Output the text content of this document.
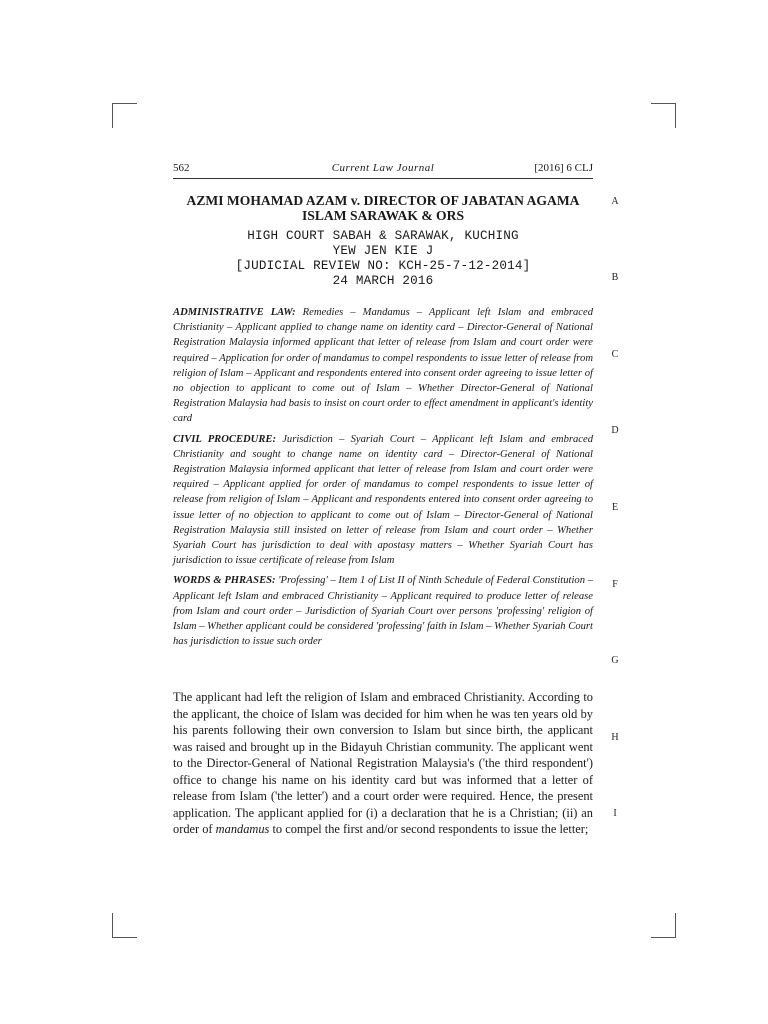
562	Current Law Journal	[2016] 6 CLJ
AZMI MOHAMAD AZAM v. DIRECTOR OF JABATAN AGAMA ISLAM SARAWAK & ORS
HIGH COURT SABAH & SARAWAK, KUCHING
YEW JEN KIE J
[JUDICIAL REVIEW NO: KCH-25-7-12-2014]
24 MARCH 2016

ADMINISTRATIVE LAW: Remedies – Mandamus – Applicant left Islam and embraced Christianity – Applicant applied to change name on identity card – Director-General of National Registration Malaysia informed applicant that letter of release from Islam and court order were required – Application for order of mandamus to compel respondents to issue letter of release from religion of Islam – Applicant and respondents entered into consent order agreeing to issue letter of no objection to applicant to come out of Islam – Whether Director-General of National Registration Malaysia had basis to insist on court order to effect amendment in applicant's identity card

CIVIL PROCEDURE: Jurisdiction – Syariah Court – Applicant left Islam and embraced Christianity and sought to change name on identity card – Director-General of National Registration Malaysia informed applicant that letter of release from Islam and court order were required – Applicant applied for order of mandamus to compel respondents to issue letter of release from religion of Islam – Applicant and respondents entered into consent order agreeing to issue letter of no objection to applicant to come out of Islam – Director-General of National Registration Malaysia still insisted on letter of release from Islam and court order – Whether Syariah Court has jurisdiction to deal with apostasy matters – Whether Syariah Court has jurisdiction to issue certificate of release from Islam

WORDS & PHRASES: 'Professing' – Item 1 of List II of Ninth Schedule of Federal Constitution – Applicant left Islam and embraced Christianity – Applicant required to produce letter of release from Islam and court order – Jurisdiction of Syariah Court over persons 'professing' religion of Islam – Whether applicant could be considered 'professing' faith in Islam – Whether Syariah Court has jurisdiction to issue such order

The applicant had left the religion of Islam and embraced Christianity. According to the applicant, the choice of Islam was decided for him when he was ten years old by his parents following their own conversion to Islam but since birth, the applicant was raised and brought up in the Bidayuh Christian community. The applicant went to the Director-General of National Registration Malaysia's ('the third respondent') office to change his name on his identity card but was informed that a letter of release from Islam ('the letter') and a court order were required. Hence, the present application. The applicant applied for (i) a declaration that he is a Christian; (ii) an order of mandamus to compel the first and/or second respondents to issue the letter;

A
B
C
D
E
F
G
H
I
